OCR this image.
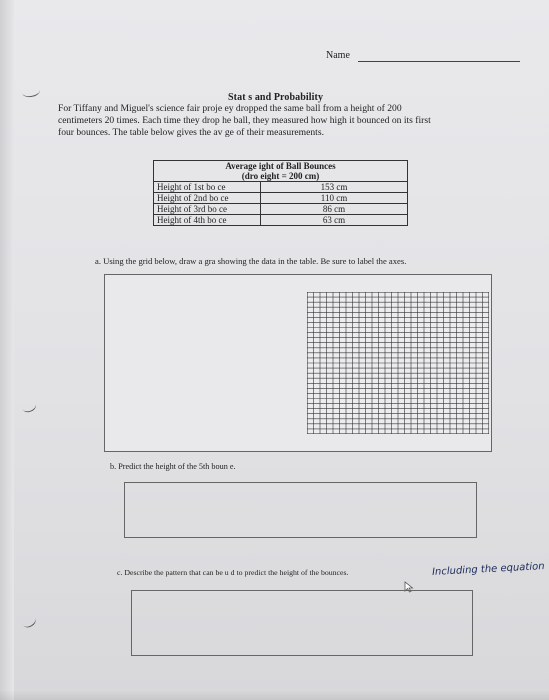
Name
Stat s and Probability
For Tiffany and Miguel's science fair proje ey dropped the same ball from a height of 200
centimeters 20 times. Each time they drop he ball, they measured how high it bounced on its first
four bounces. The table below gives the av ge of their measurements.
Average ight of Ball Bounces
(dro eight = 200 cm)	

Height of 1st bo ce	153 cm
Height of 2nd bo ce	110 cm
Height of 3rd bo ce	86 cm
Height of 4th bo ce	63 cm
a. Using the grid below, draw a gra showing the data in the table. Be sure to label the axes.
b. Predict the height of the 5th boun e.
c. Describe the pattern that can be u d to predict the height of the bounces.	Including the equation
